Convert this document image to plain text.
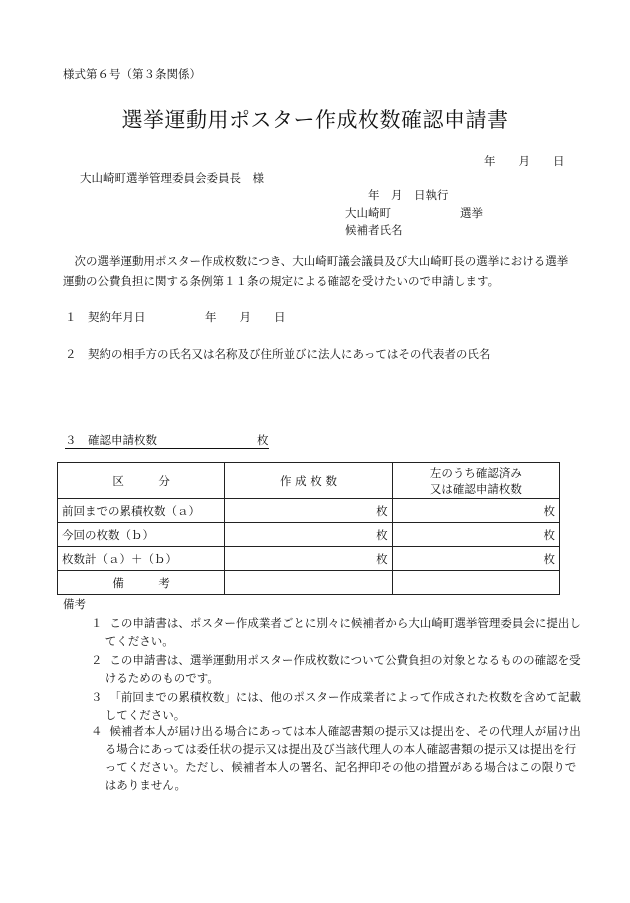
様式第６号（第３条関係）
選挙運動用ポスター作成枚数確認申請書
年　　月　　日
大山崎町選挙管理委員会委員長　様
年　月　日執行
大山崎町	選挙
候補者氏名
次の選挙運動用ポスター作成枚数につき、大山崎町議会議員及び大山崎町長の選挙における選挙運動の公費負担に関する条例第１１条の規定による確認を受けたいので申請します。
１　契約年月日	年　　月　　日
２　契約の相手方の氏名又は名称及び住所並びに法人にあってはその代表者の氏名
３　確認申請枚数	枚
区　　　分	作 成 枚 数	左のうち確認済み
又は確認申請枚数
前回までの累積枚数（ａ）	枚	枚
今回の枚数（ｂ）	枚	枚
枚数計（ａ）＋（ｂ）	枚	枚
備　　　考		
備考
１ この申請書は、ポスター作成業者ごとに別々に候補者から大山崎町選挙管理委員会に提出してください。
２ この申請書は、選挙運動用ポスター作成枚数について公費負担の対象となるものの確認を受けるためのものです。
３ 「前回までの累積枚数」には、他のポスター作成業者によって作成された枚数を含めて記載してください。
４ 候補者本人が届け出る場合にあっては本人確認書類の提示又は提出を、その代理人が届け出る場合にあっては委任状の提示又は提出及び当該代理人の本人確認書類の提示又は提出を行ってください。ただし、候補者本人の署名、記名押印その他の措置がある場合はこの限りではありません。
